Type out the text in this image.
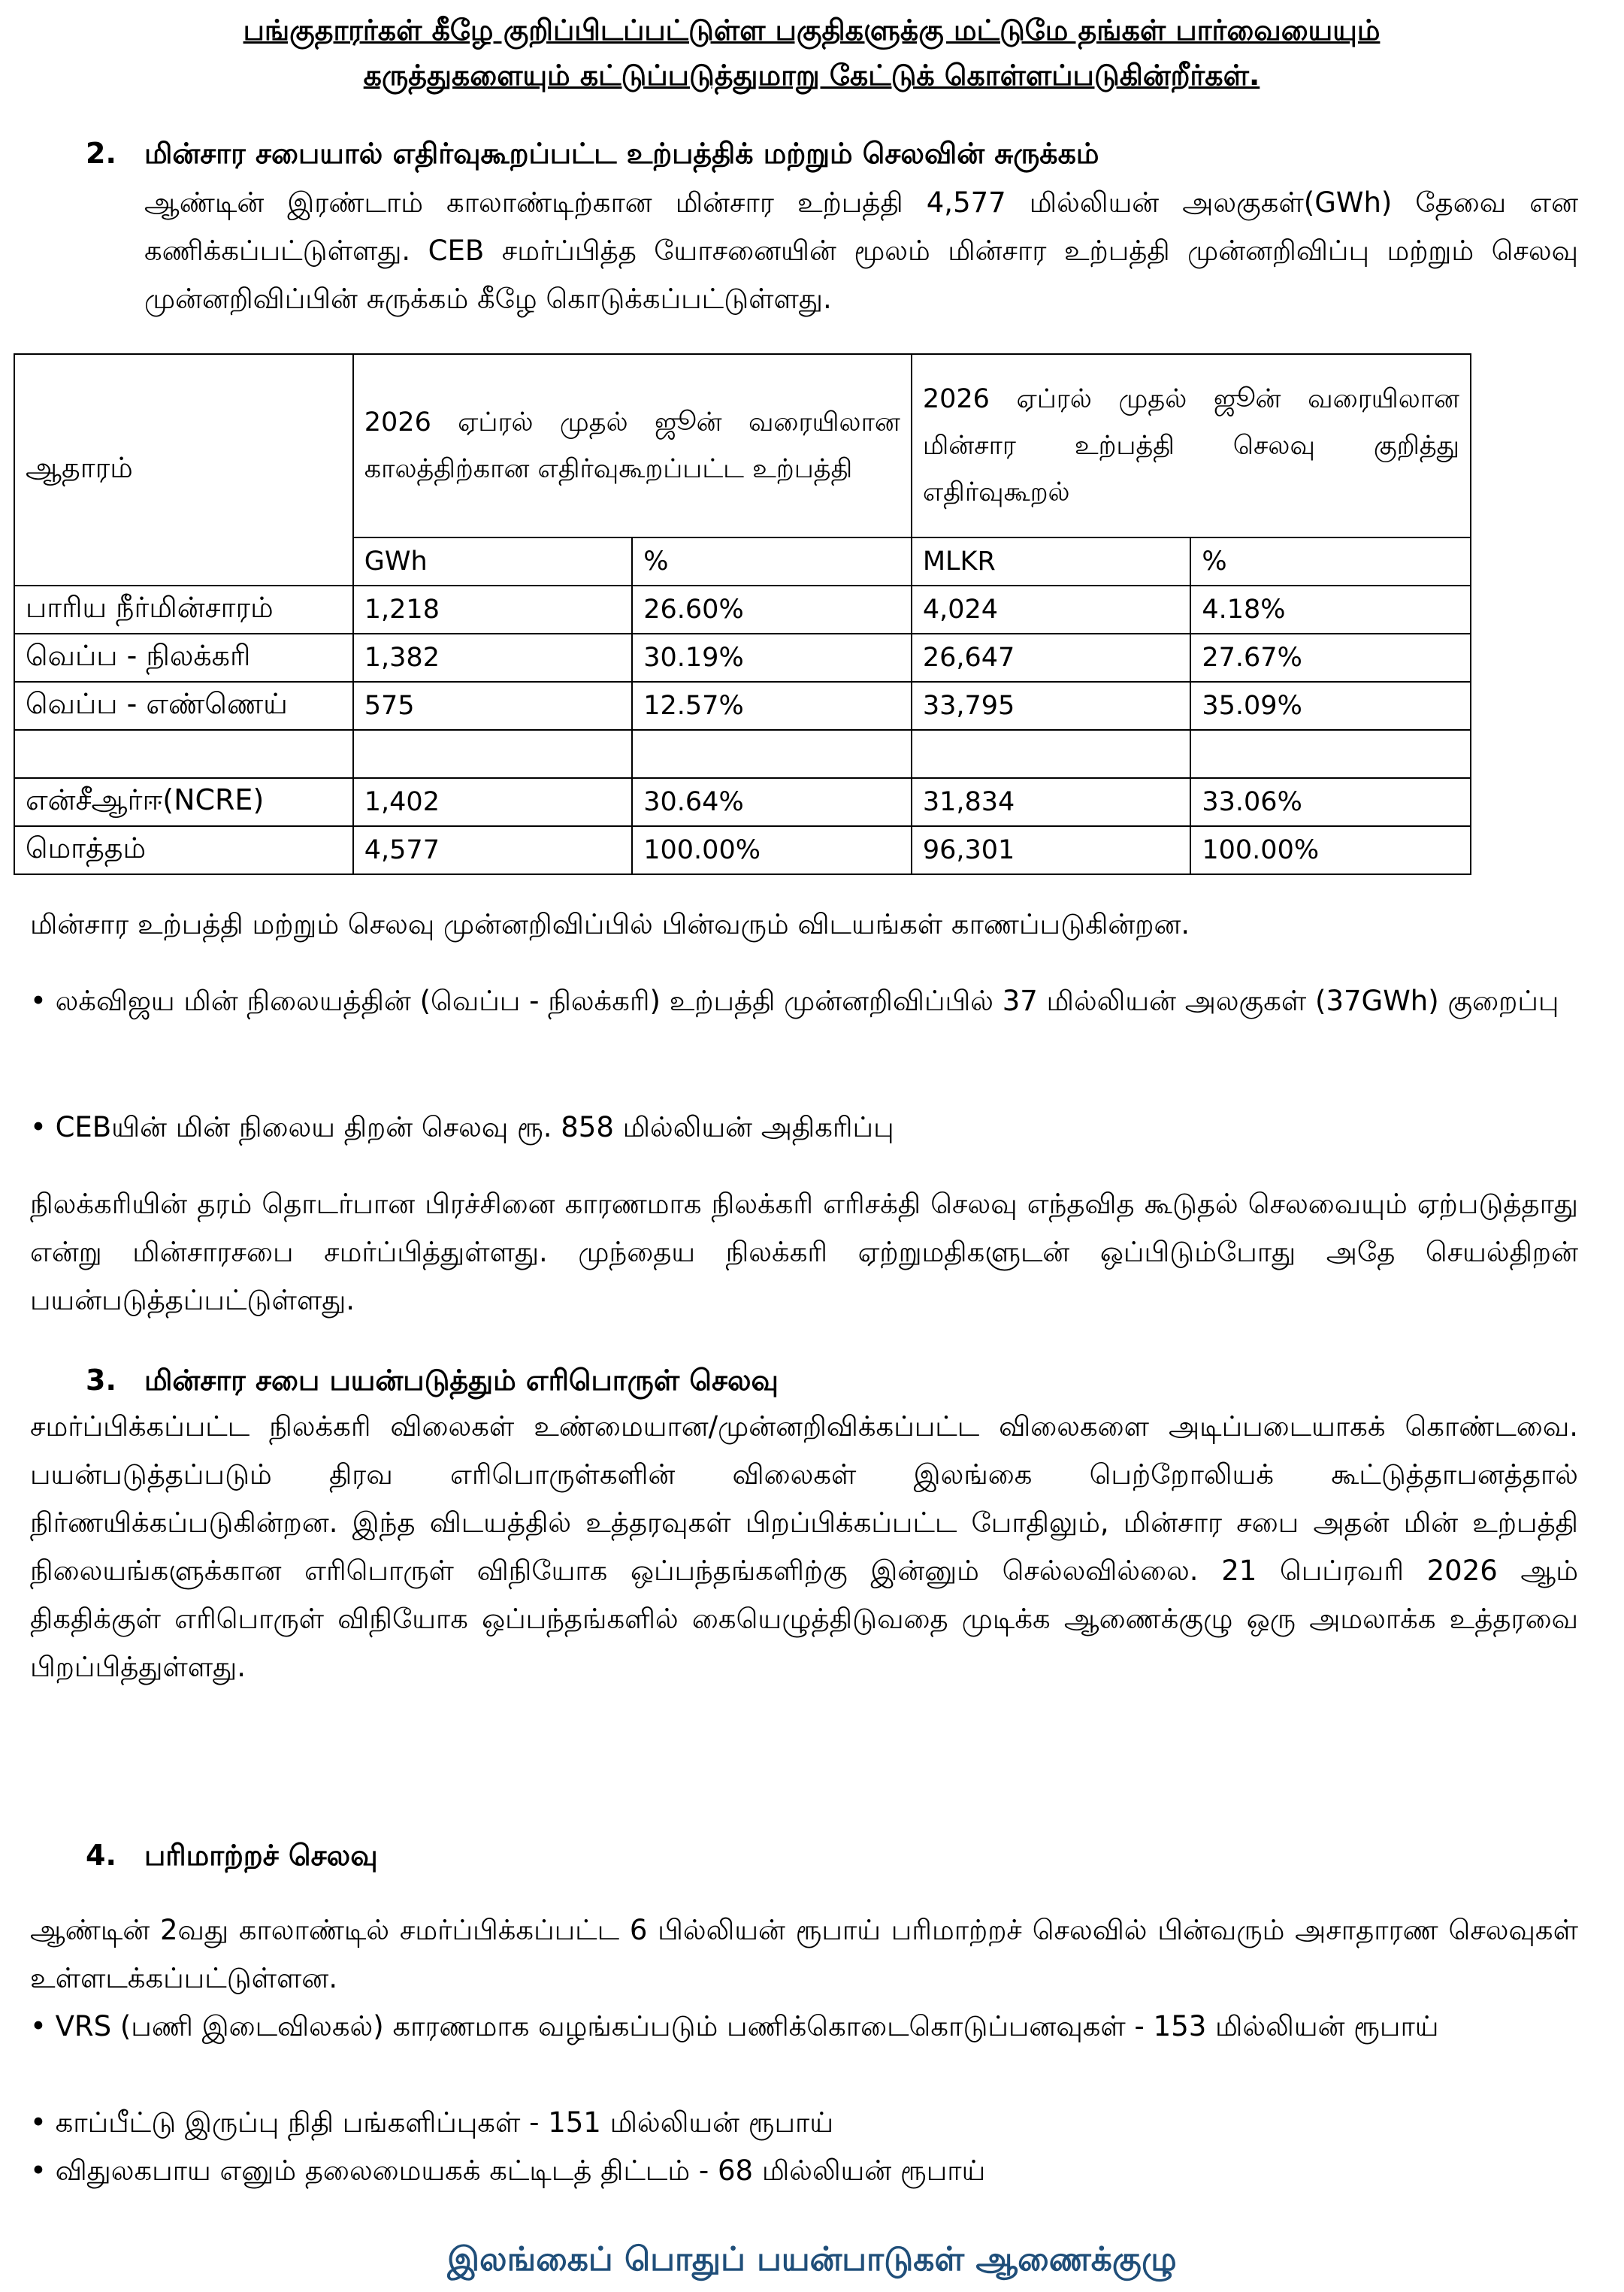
பங்குதாரர்கள் கீழே குறிப்பிடப்பட்டுள்ள பகுதிகளுக்கு மட்டுமே தங்கள் பார்வையையும்
கருத்துகளையும் கட்டுப்படுத்துமாறு கேட்டுக் கொள்ளப்படுகின்றீர்கள்.
2. மின்சார சபையால் எதிர்வுகூறப்பட்ட உற்பத்திக் மற்றும் செலவின் சுருக்கம்
ஆண்டின் இரண்டாம் காலாண்டிற்கான மின்சார உற்பத்தி 4,577 மில்லியன் அலகுகள்(GWh) தேவை என கணிக்கப்பட்டுள்ளது. CEB சமர்ப்பித்த யோசனையின் மூலம் மின்சார உற்பத்தி முன்னறிவிப்பு மற்றும் செலவு முன்னறிவிப்பின் சுருக்கம் கீழே கொடுக்கப்பட்டுள்ளது.
ஆதாரம்	2026 ஏப்ரல் முதல் ஜூன் வரையிலான காலத்திற்கான எதிர்வுகூறப்பட்ட உற்பத்தி		2026 ஏப்ரல் முதல் ஜூன் வரையிலான மின்சார உற்பத்தி செலவு குறித்து எதிர்வுகூறல்	
	GWh	%	MLKR	%
பாரிய நீர்மின்சாரம்	1,218	26.60%	4,024	4.18%
வெப்ப - நிலக்கரி	1,382	30.19%	26,647	27.67%
வெப்ப - எண்ணெய்	575	12.57%	33,795	35.09%

என்சீஆர்ஈ(NCRE)	1,402	30.64%	31,834	33.06%
மொத்தம்	4,577	100.00%	96,301	100.00%
மின்சார உற்பத்தி மற்றும் செலவு முன்னறிவிப்பில் பின்வரும் விடயங்கள் காணப்படுகின்றன.
• லக்விஜய மின் நிலையத்தின் (வெப்ப - நிலக்கரி) உற்பத்தி முன்னறிவிப்பில் 37 மில்லியன் அலகுகள் (37GWh) குறைப்பு
• CEBயின் மின் நிலைய திறன் செலவு ரூ. 858 மில்லியன் அதிகரிப்பு
நிலக்கரியின் தரம் தொடர்பான பிரச்சினை காரணமாக நிலக்கரி எரிசக்தி செலவு எந்தவித கூடுதல் செலவையும் ஏற்படுத்தாது என்று மின்சாரசபை சமர்ப்பித்துள்ளது. முந்தைய நிலக்கரி ஏற்றுமதிகளுடன் ஒப்பிடும்போது அதே செயல்திறன் பயன்படுத்தப்பட்டுள்ளது.
3. மின்சார சபை பயன்படுத்தும் எரிபொருள் செலவு
சமர்ப்பிக்கப்பட்ட நிலக்கரி விலைகள் உண்மையான/முன்னறிவிக்கப்பட்ட விலைகளை அடிப்படையாகக் கொண்டவை. பயன்படுத்தப்படும் திரவ எரிபொருள்களின் விலைகள் இலங்கை பெற்றோலியக் கூட்டுத்தாபனத்தால் நிர்ணயிக்கப்படுகின்றன. இந்த விடயத்தில் உத்தரவுகள் பிறப்பிக்கப்பட்ட போதிலும், மின்சார சபை அதன் மின் உற்பத்தி நிலையங்களுக்கான எரிபொருள் விநியோக ஒப்பந்தங்களிற்கு இன்னும் செல்லவில்லை. 21 பெப்ரவரி 2026 ஆம் திகதிக்குள் எரிபொருள் விநியோக ஒப்பந்தங்களில் கையெழுத்திடுவதை முடிக்க ஆணைக்குழு ஒரு அமலாக்க உத்தரவை பிறப்பித்துள்ளது.
4. பரிமாற்றச் செலவு
ஆண்டின் 2வது காலாண்டில் சமர்ப்பிக்கப்பட்ட 6 பில்லியன் ரூபாய் பரிமாற்றச் செலவில் பின்வரும் அசாதாரண செலவுகள் உள்ளடக்கப்பட்டுள்ளன.
• VRS (பணி இடைவிலகல்) காரணமாக வழங்கப்படும் பணிக்கொடைகொடுப்பனவுகள் - 153 மில்லியன் ரூபாய்
• காப்பீட்டு இருப்பு நிதி பங்களிப்புகள் - 151 மில்லியன் ரூபாய்
• விதுலகபாய எனும் தலைமையகக் கட்டிடத் திட்டம் - 68 மில்லியன் ரூபாய்
இலங்கைப் பொதுப் பயன்பாடுகள் ஆணைக்குழு
